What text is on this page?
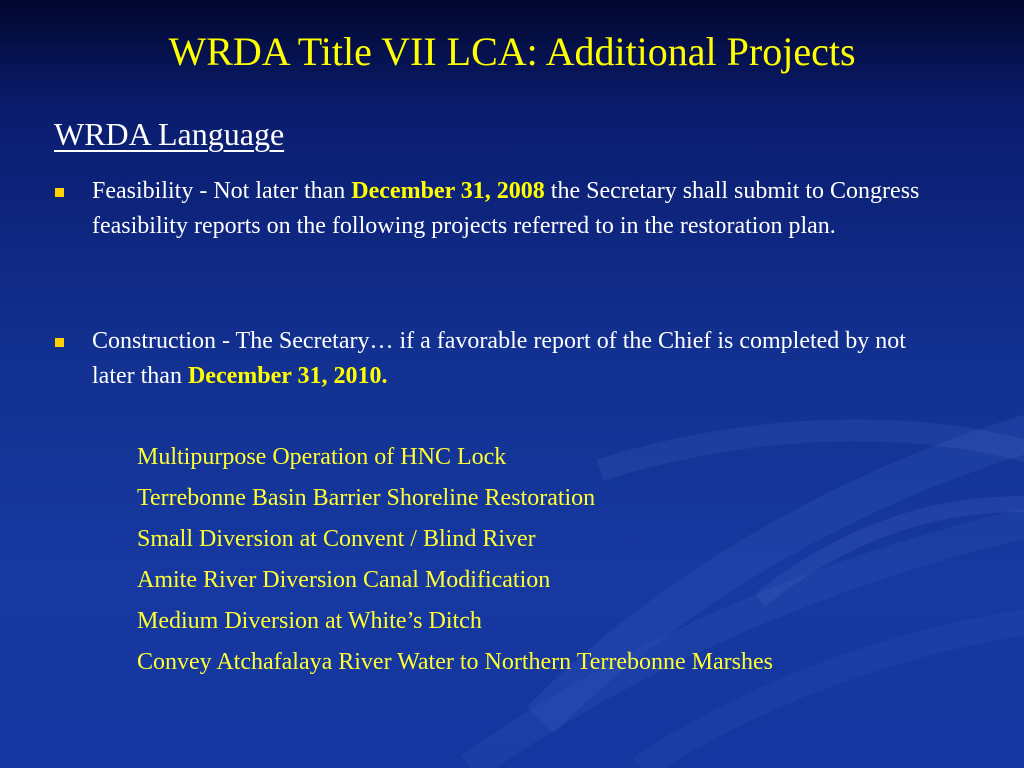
WRDA Title VII LCA: Additional Projects
WRDA Language
Feasibility - Not later than December 31, 2008 the Secretary shall submit to Congress feasibility reports on the following projects referred to in the restoration plan.
Construction - The Secretary… if a favorable report of the Chief is completed by not later than December 31, 2010.
Multipurpose Operation of HNC Lock
Terrebonne Basin Barrier Shoreline Restoration
Small Diversion at Convent / Blind River
Amite River Diversion Canal Modification
Medium Diversion at White’s Ditch
Convey Atchafalaya River Water to Northern Terrebonne Marshes
